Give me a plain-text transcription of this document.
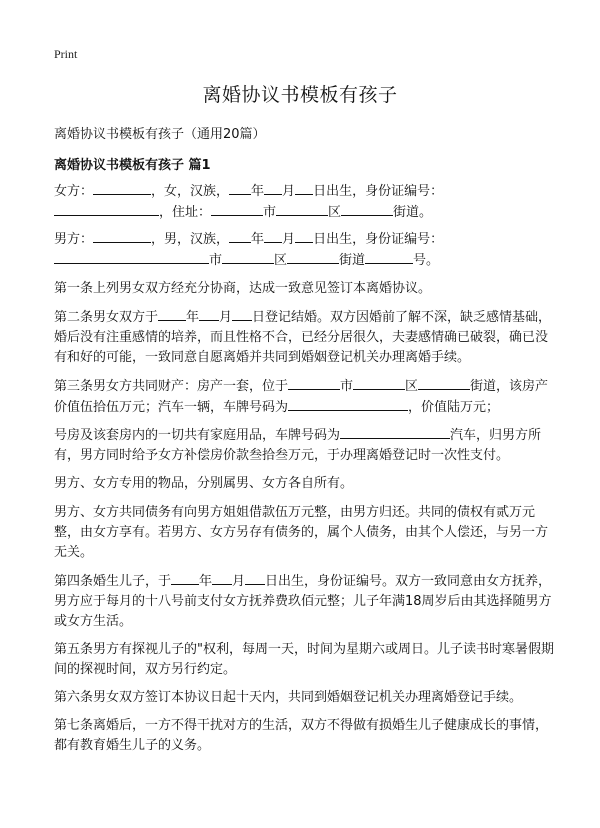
Print
离婚协议书模板有孩子
离婚协议书模板有孩子（通用20篇）
离婚协议书模板有孩子 篇1

女方：	，女，汉族， 年 月 日出生，身份证编号：
，住址：	市	区	街道。

男方：	，男，汉族， 年 月 日出生，身份证编号：
市	区	街道	号。

第一条上列男女双方经充分协商，达成一致意见签订本离婚协议。

第二条男女双方于 年 月 日登记结婚。双方因婚前了解不深，缺乏感情基础，婚后没有注重感情的培养，而且性格不合，已经分居很久，夫妻感情确已破裂，确已没有和好的可能，一致同意自愿离婚并共同到婚姻登记机关办理离婚手续。

第三条男女方共同财产：房产一套，位于	市	区	街道，该房产价值伍拾伍万元；汽车一辆，车牌号码为	，价值陆万元；

号房及该套房内的一切共有家庭用品，车牌号码为	汽车，归男方所有，男方同时给予女方补偿房价款叁拾叁万元，于办理离婚登记时一次性支付。

男方、女方专用的物品，分别属男、女方各自所有。

男方、女方共同债务有向男方姐姐借款伍万元整，由男方归还。共同的债权有贰万元整，由女方享有。若男方、女方另存有债务的，属个人债务，由其个人偿还，与另一方无关。

第四条婚生儿子，于 年 月 日出生，身份证编号。双方一致同意由女方抚养，男方应于每月的十八号前支付女方抚养费玖佰元整；儿子年满18周岁后由其选择随男方或女方生活。

第五条男方有探视儿子的"权利，每周一天，时间为星期六或周日。儿子读书时寒暑假期间的探视时间，双方另行约定。

第六条男女双方签订本协议日起十天内，共同到婚姻登记机关办理离婚登记手续。

第七条离婚后，一方不得干扰对方的生活，双方不得做有损婚生儿子健康成长的事情，都有教育婚生儿子的义务。
